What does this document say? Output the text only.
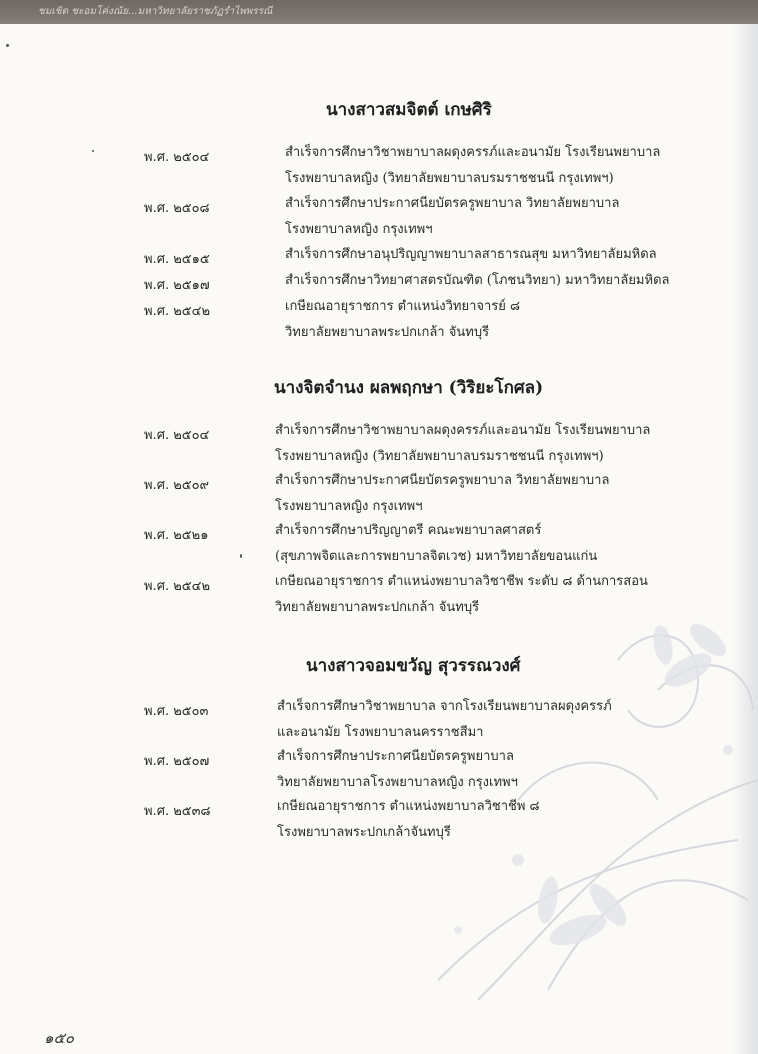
ชมเชิด ชะอมโค่งณัย...มหาวิทยาลัยราชภัฏรำไพพรรณี
นางสาวสมจิตต์ เกษศิริ
พ.ศ. ๒๕๐๔	สำเร็จการศึกษาวิชาพยาบาลผดุงครรภ์และอนามัย โรงเรียนพยาบาล
โรงพยาบาลหญิง (วิทยาลัยพยาบาลบรมราชชนนี กรุงเทพฯ)
พ.ศ. ๒๕๐๘	สำเร็จการศึกษาประกาศนียบัตรครูพยาบาล วิทยาลัยพยาบาล
โรงพยาบาลหญิง กรุงเทพฯ
พ.ศ. ๒๕๑๕	สำเร็จการศึกษาอนุปริญญาพยาบาลสาธารณสุข มหาวิทยาลัยมหิดล
พ.ศ. ๒๕๑๗	สำเร็จการศึกษาวิทยาศาสตรบัณฑิต (โภชนวิทยา) มหาวิทยาลัยมหิดล
พ.ศ. ๒๕๔๒	เกษียณอายุราชการ ตำแหน่งวิทยาจารย์ ๘
วิทยาลัยพยาบาลพระปกเกล้า จันทบุรี
นางจิตจำนง ผลพฤกษา (วิริยะโกศล)
พ.ศ. ๒๕๐๔	สำเร็จการศึกษาวิชาพยาบาลผดุงครรภ์และอนามัย โรงเรียนพยาบาล
โรงพยาบาลหญิง (วิทยาลัยพยาบาลบรมราชชนนี กรุงเทพฯ)
พ.ศ. ๒๕๐๙	สำเร็จการศึกษาประกาศนียบัตรครูพยาบาล วิทยาลัยพยาบาล
โรงพยาบาลหญิง กรุงเทพฯ
พ.ศ. ๒๕๒๑	สำเร็จการศึกษาปริญญาตรี คณะพยาบาลศาสตร์
(สุขภาพจิตและการพยาบาลจิตเวช) มหาวิทยาลัยขอนแก่น
พ.ศ. ๒๕๔๒	เกษียณอายุราชการ ตำแหน่งพยาบาลวิชาชีพ ระดับ ๘ ด้านการสอน
วิทยาลัยพยาบาลพระปกเกล้า จันทบุรี
นางสาวจอมขวัญ สุวรรณวงศ์
พ.ศ. ๒๕๐๓	สำเร็จการศึกษาวิชาพยาบาล จากโรงเรียนพยาบาลผดุงครรภ์
และอนามัย โรงพยาบาลนครราชสีมา
พ.ศ. ๒๕๐๗	สำเร็จการศึกษาประกาศนียบัตรครูพยาบาล
วิทยาลัยพยาบาลโรงพยาบาลหญิง กรุงเทพฯ
พ.ศ. ๒๕๓๘	เกษียณอายุราชการ ตำแหน่งพยาบาลวิชาชีพ ๘
โรงพยาบาลพระปกเกล้าจันทบุรี
๑๕๐
